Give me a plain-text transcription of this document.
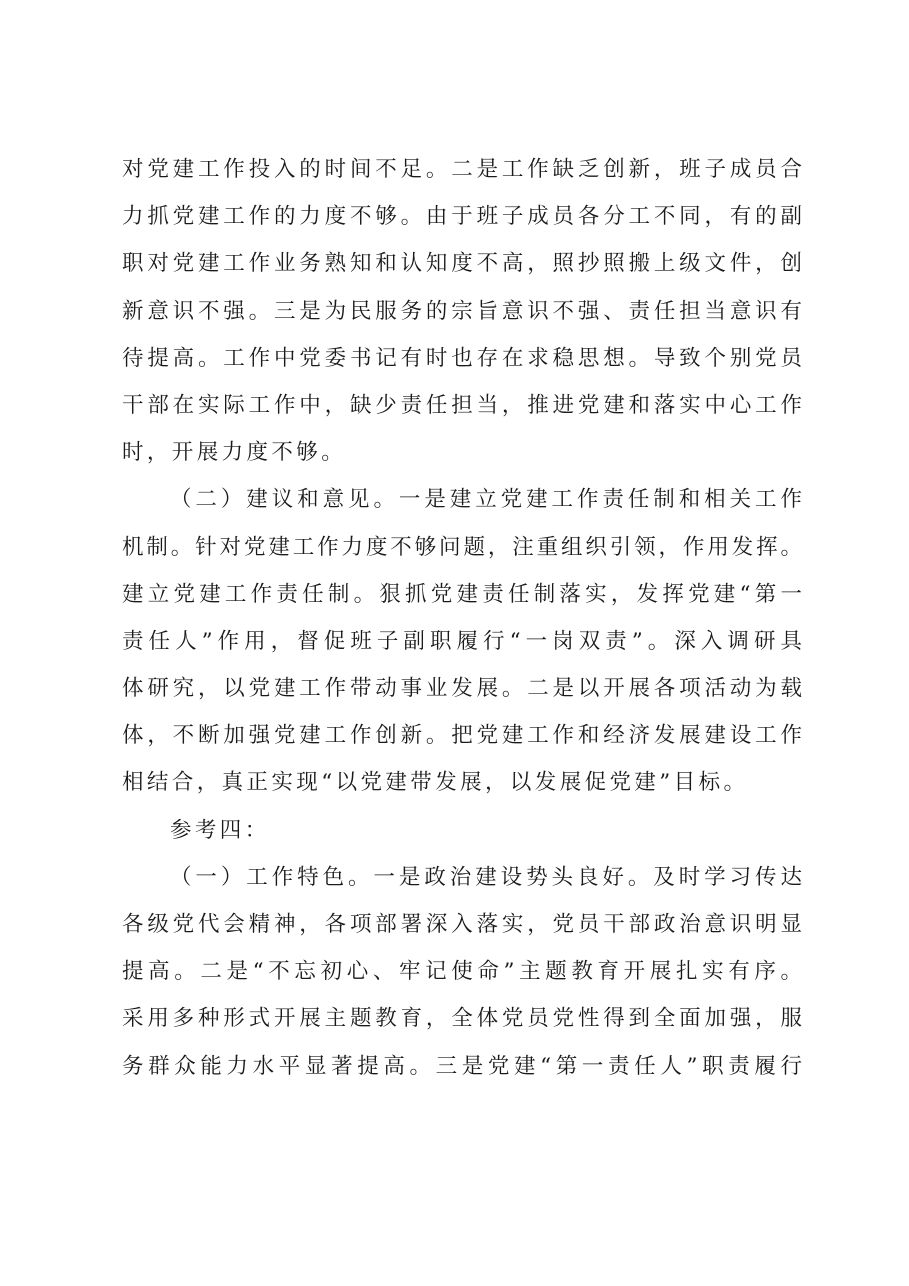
对党建工作投入的时间不足。二是工作缺乏创新，班子成员合
力抓党建工作的力度不够。由于班子成员各分工不同，有的副
职对党建工作业务熟知和认知度不高，照抄照搬上级文件，创
新意识不强。三是为民服务的宗旨意识不强、责任担当意识有
待提高。工作中党委书记有时也存在求稳思想。导致个别党员
干部在实际工作中，缺少责任担当，推进党建和落实中心工作
时，开展力度不够。
（二）建议和意见。一是建立党建工作责任制和相关工作
机制。针对党建工作力度不够问题，注重组织引领，作用发挥。
建立党建工作责任制。狠抓党建责任制落实，发挥党建“第一
责任人”作用，督促班子副职履行“一岗双责”。深入调研具
体研究，以党建工作带动事业发展。二是以开展各项活动为载
体，不断加强党建工作创新。把党建工作和经济发展建设工作
相结合，真正实现“以党建带发展，以发展促党建”目标。
参考四：
（一）工作特色。一是政治建设势头良好。及时学习传达
各级党代会精神，各项部署深入落实，党员干部政治意识明显
提高。二是“不忘初心、牢记使命”主题教育开展扎实有序。
采用多种形式开展主题教育，全体党员党性得到全面加强，服
务群众能力水平显著提高。三是党建“第一责任人”职责履行
